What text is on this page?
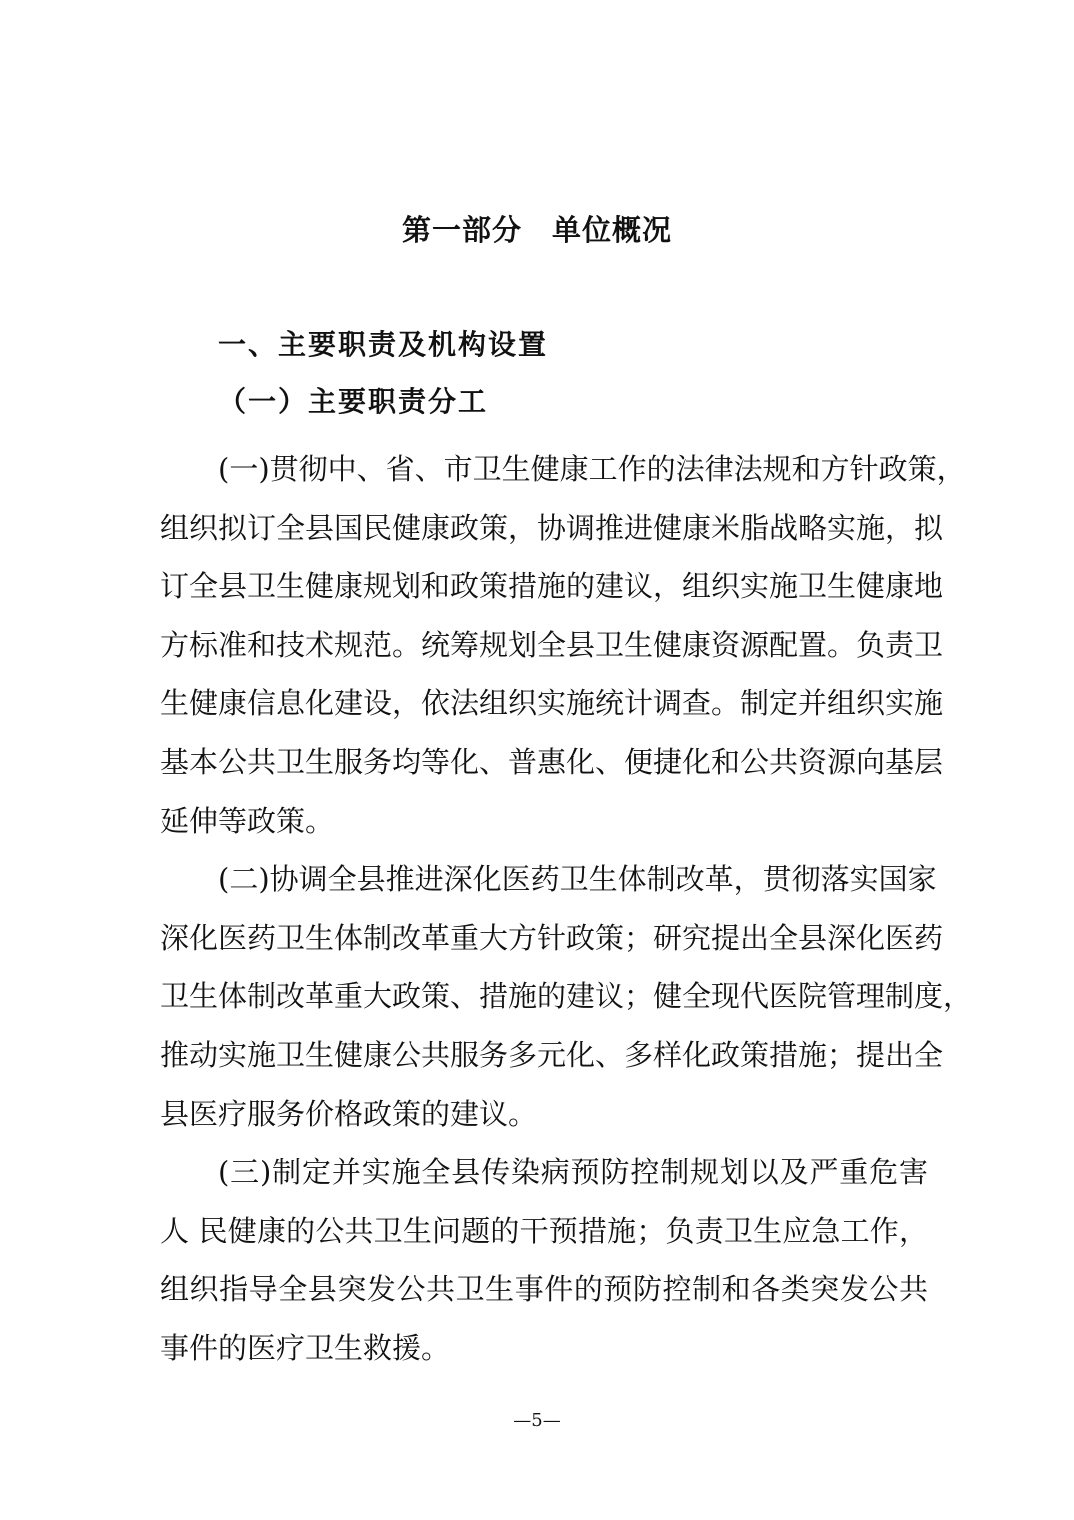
第一部分　单位概况
一、主要职责及机构设置
（一）主要职责分工
(一)贯彻中、省、市卫生健康工作的法律法规和方针政策，
组织拟订全县国民健康政策，协调推进健康米脂战略实施，拟
订全县卫生健康规划和政策措施的建议，组织实施卫生健康地
方标准和技术规范。统筹规划全县卫生健康资源配置。负责卫
生健康信息化建设，依法组织实施统计调查。制定并组织实施
基本公共卫生服务均等化、普惠化、便捷化和公共资源向基层
延伸等政策。
(二)协调全县推进深化医药卫生体制改革，贯彻落实国家
深化医药卫生体制改革重大方针政策；研究提出全县深化医药
卫生体制改革重大政策、措施的建议；健全现代医院管理制度，
推动实施卫生健康公共服务多元化、多样化政策措施；提出全
县医疗服务价格政策的建议。
(三)制定并实施全县传染病预防控制规划以及严重危害
人 民健康的公共卫生问题的干预措施；负责卫生应急工作，
组织指导全县突发公共卫生事件的预防控制和各类突发公共
事件的医疗卫生救援。
—5—
